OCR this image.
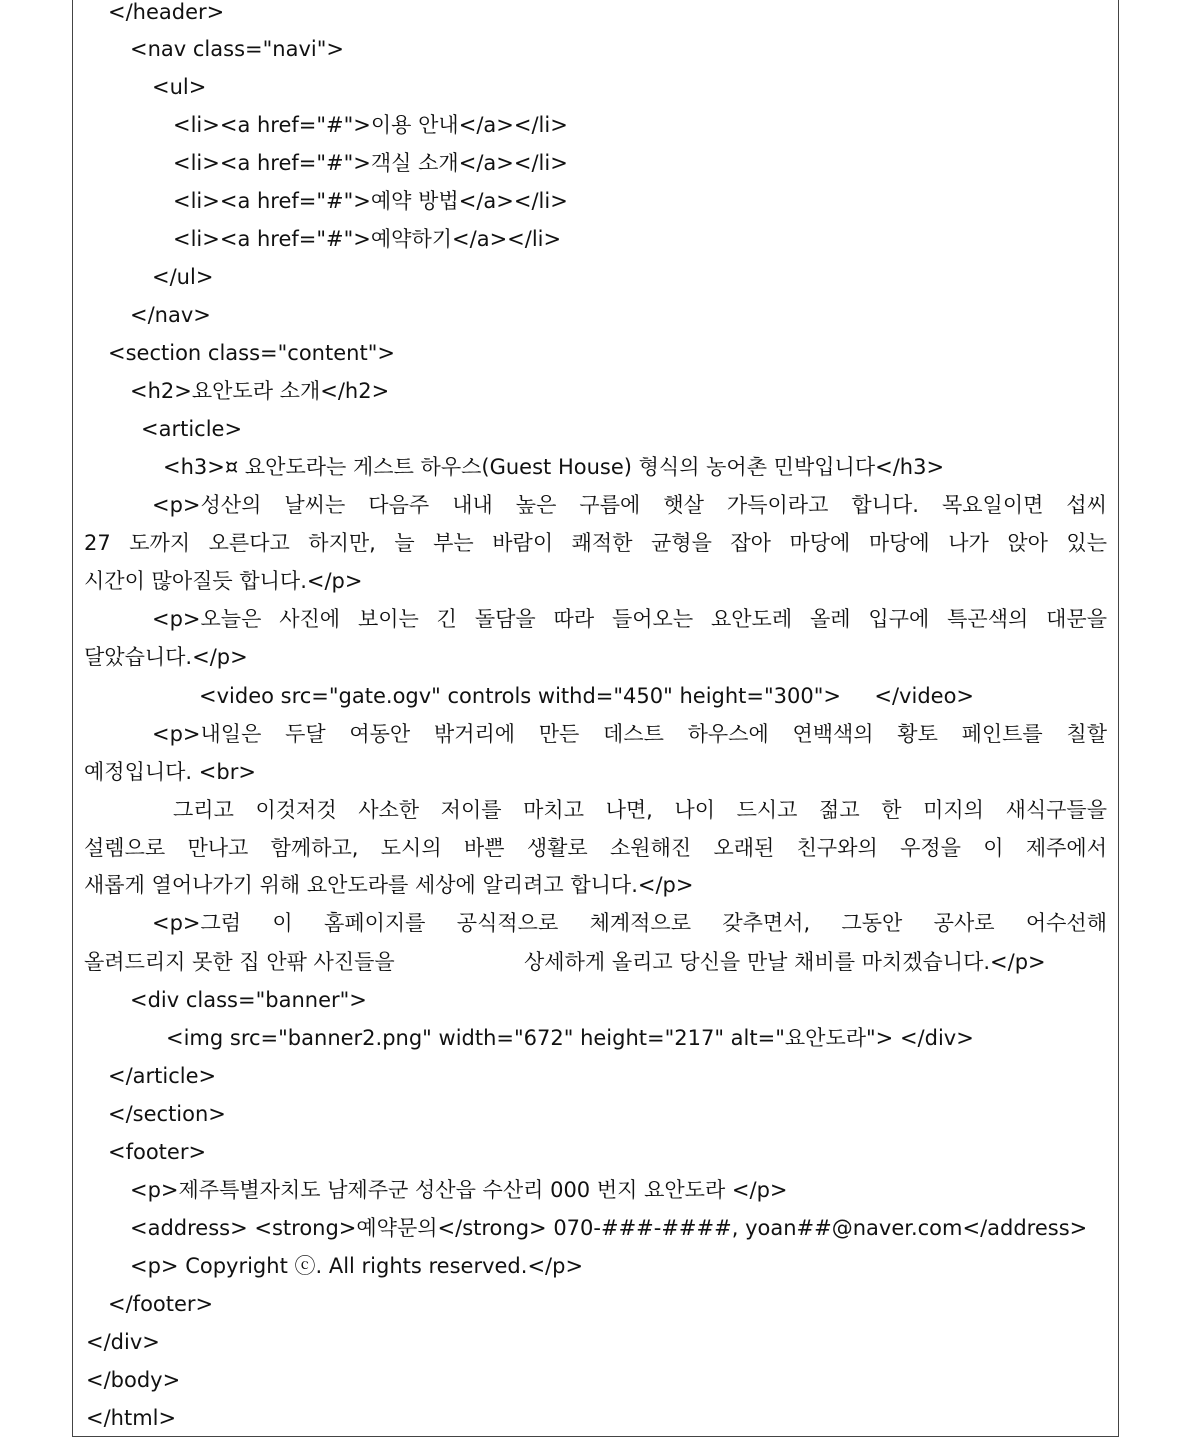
</header>
<nav class="navi">
<ul>
<li><a href="#">이용 안내</a></li>
<li><a href="#">객실 소개</a></li>
<li><a href="#">예약 방법</a></li>
<li><a href="#">예약하기</a></li>
</ul>
</nav>
<section class="content">
<h2>요안도라 소개</h2>
<article>
<h3>¤ 요안도라는 게스트 하우스(Guest House) 형식의 농어촌 민박입니다</h3>
<p>성산의 날씨는 다음주 내내 높은 구름에 햇살 가득이라고 합니다. 목요일이면 섭씨
27 도까지 오른다고 하지만, 늘 부는 바람이 쾌적한 균형을 잡아 마당에 마당에 나가 앉아 있는
시간이 많아질듯 합니다.</p>
<p>오늘은 사진에 보이는 긴 돌담을 따라 들어오는 요안도레 올레 입구에 특곤색의 대문을
달았습니다.</p>
<video src="gate.ogv" controls withd="450" height="300">     </video>
<p>내일은 두달 여동안 밖거리에 만든 데스트 하우스에 연백색의 황토 페인트를 칠할
예정입니다. <br>
그리고 이것저것 사소한 저이를 마치고 나면, 나이 드시고 젊고 한 미지의 새식구들을
설렘으로 만나고 함께하고, 도시의 바쁜 생활로 소원해진 오래된 친구와의 우정을 이 제주에서
새롭게 열어나가기 위해 요안도라를 세상에 알리려고 합니다.</p>
<p>그럼 이 홈페이지를 공식적으로 체계적으로 갖추면서, 그동안 공사로 어수선해
올려드리지 못한 집 안팎 사진들을	상세하게 올리고 당신을 만날 채비를 마치겠습니다.</p>
<div class="banner">
<img src="banner2.png" width="672" height="217" alt="요안도라"> </div>
</article>
</section>
<footer>
<p>제주특별자치도 남제주군 성산읍 수산리 000 번지 요안도라 </p>
<address> <strong>예약문의</strong> 070-###-####, yoan##@naver.com</address>
<p> Copyright ⓒ. All rights reserved.</p>
</footer>
</div>
</body>
</html>
